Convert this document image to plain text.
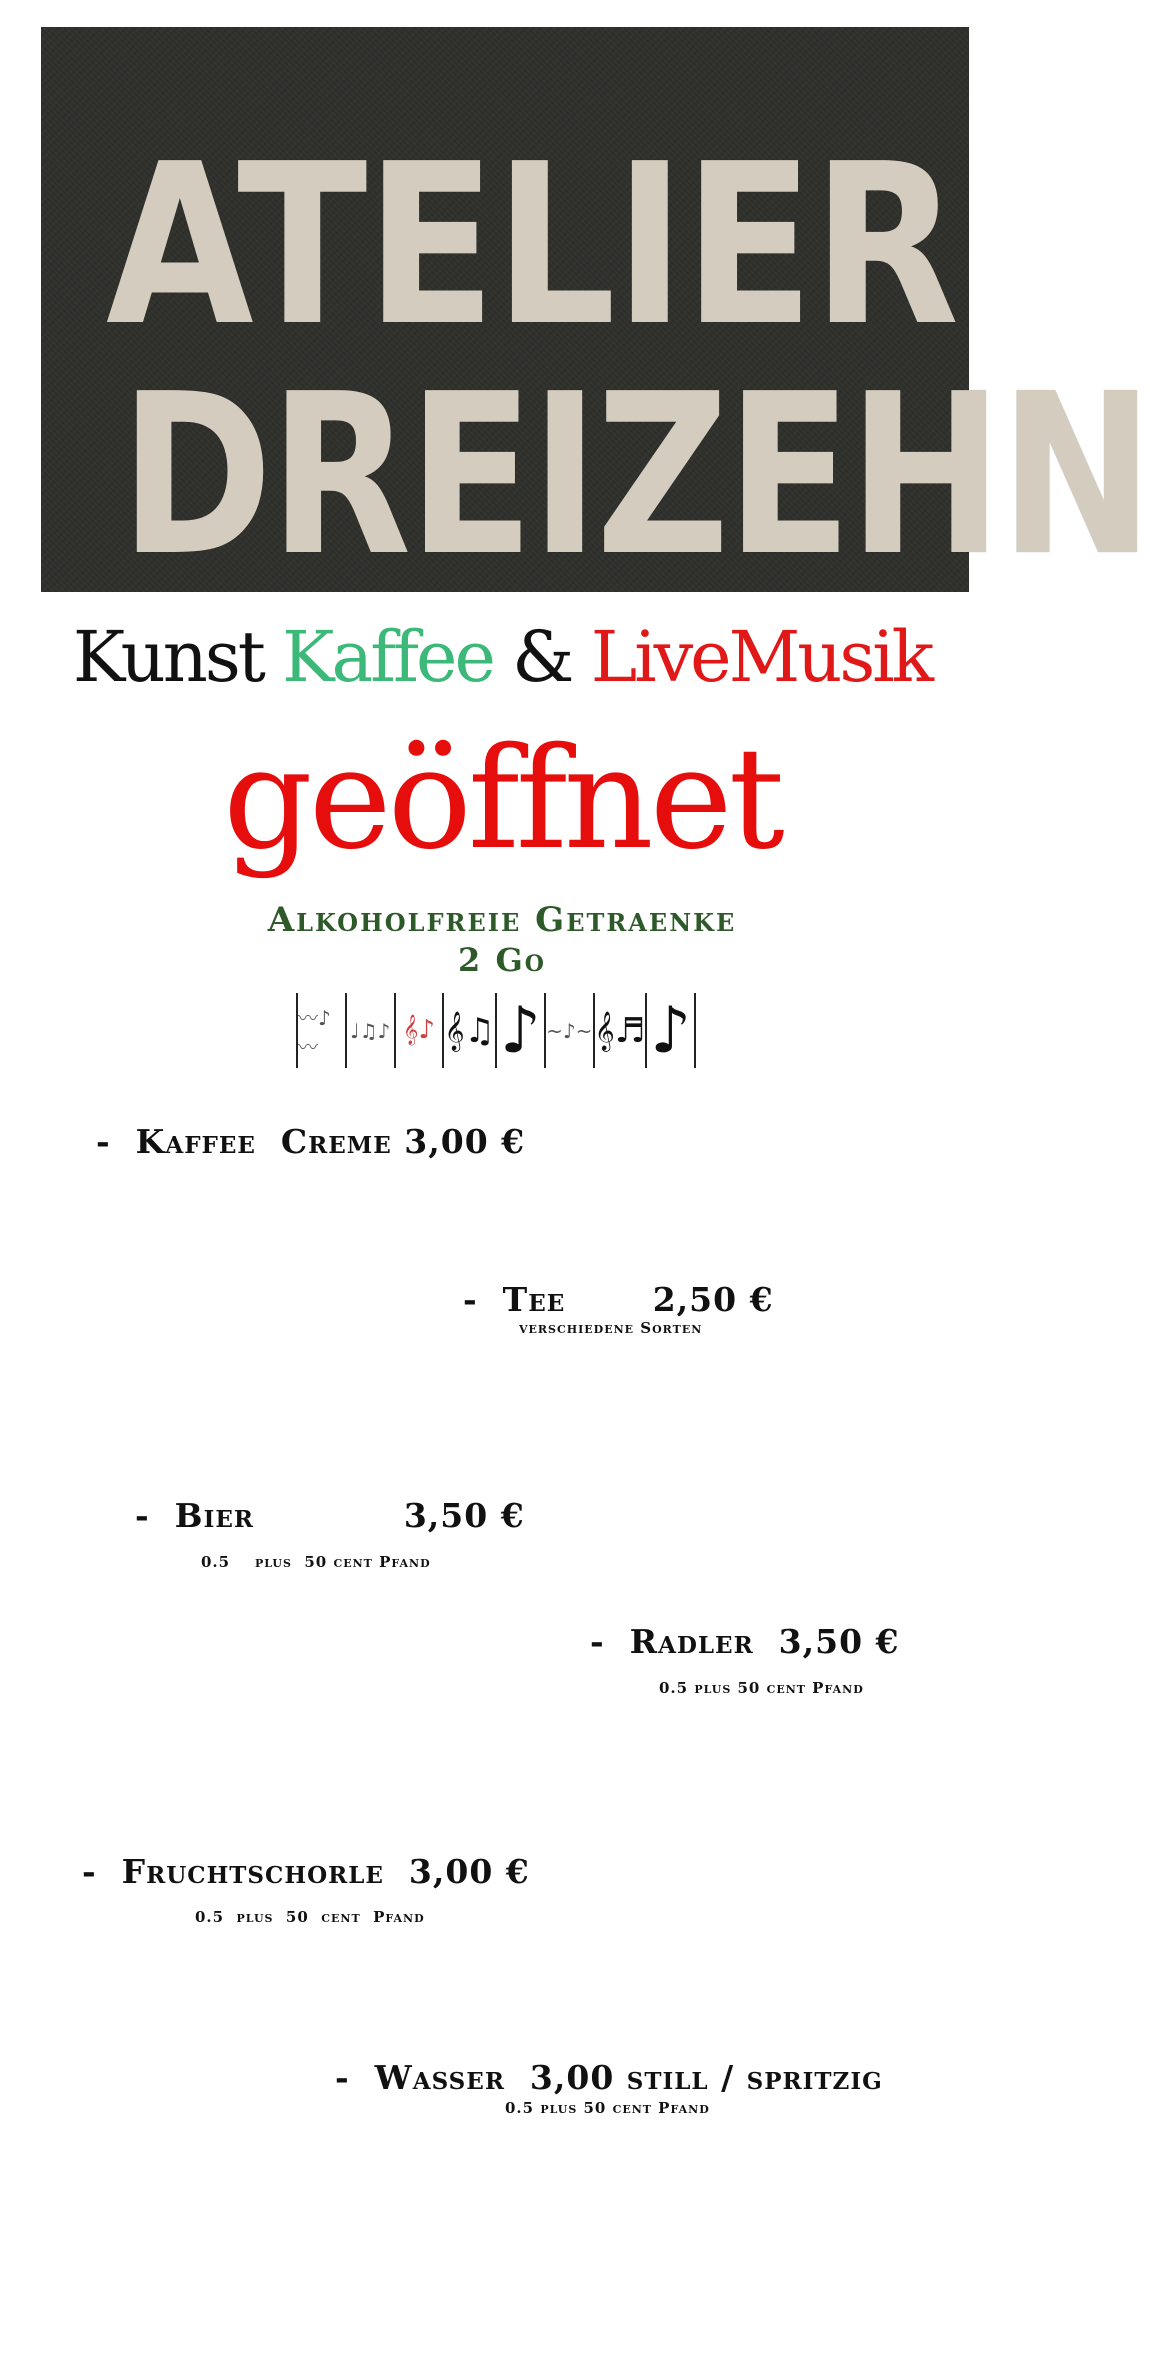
ATELIER
DREIZEHN
Kunst Kaffee & LiveMusik
geöffnet
Alkoholfreie Getraenke
2 Go
〰♪〰
♩♫♪ 𝄞♪ 𝄞♫ ♪ ~♪~ 𝄞♬ ♪
-  Kaffee  Creme 3,00 €
-  Tee       2,50 €
verschiedene Sorten
-  Bier            3,50 €
0.5    plus  50 cent Pfand
-  Radler  3,50 €
0.5 plus 50 cent Pfand
-  Fruchtschorle  3,00 €
0.5  plus  50  cent  Pfand
-  Wasser  3,00 still / spritzig
0.5 plus 50 cent Pfand
